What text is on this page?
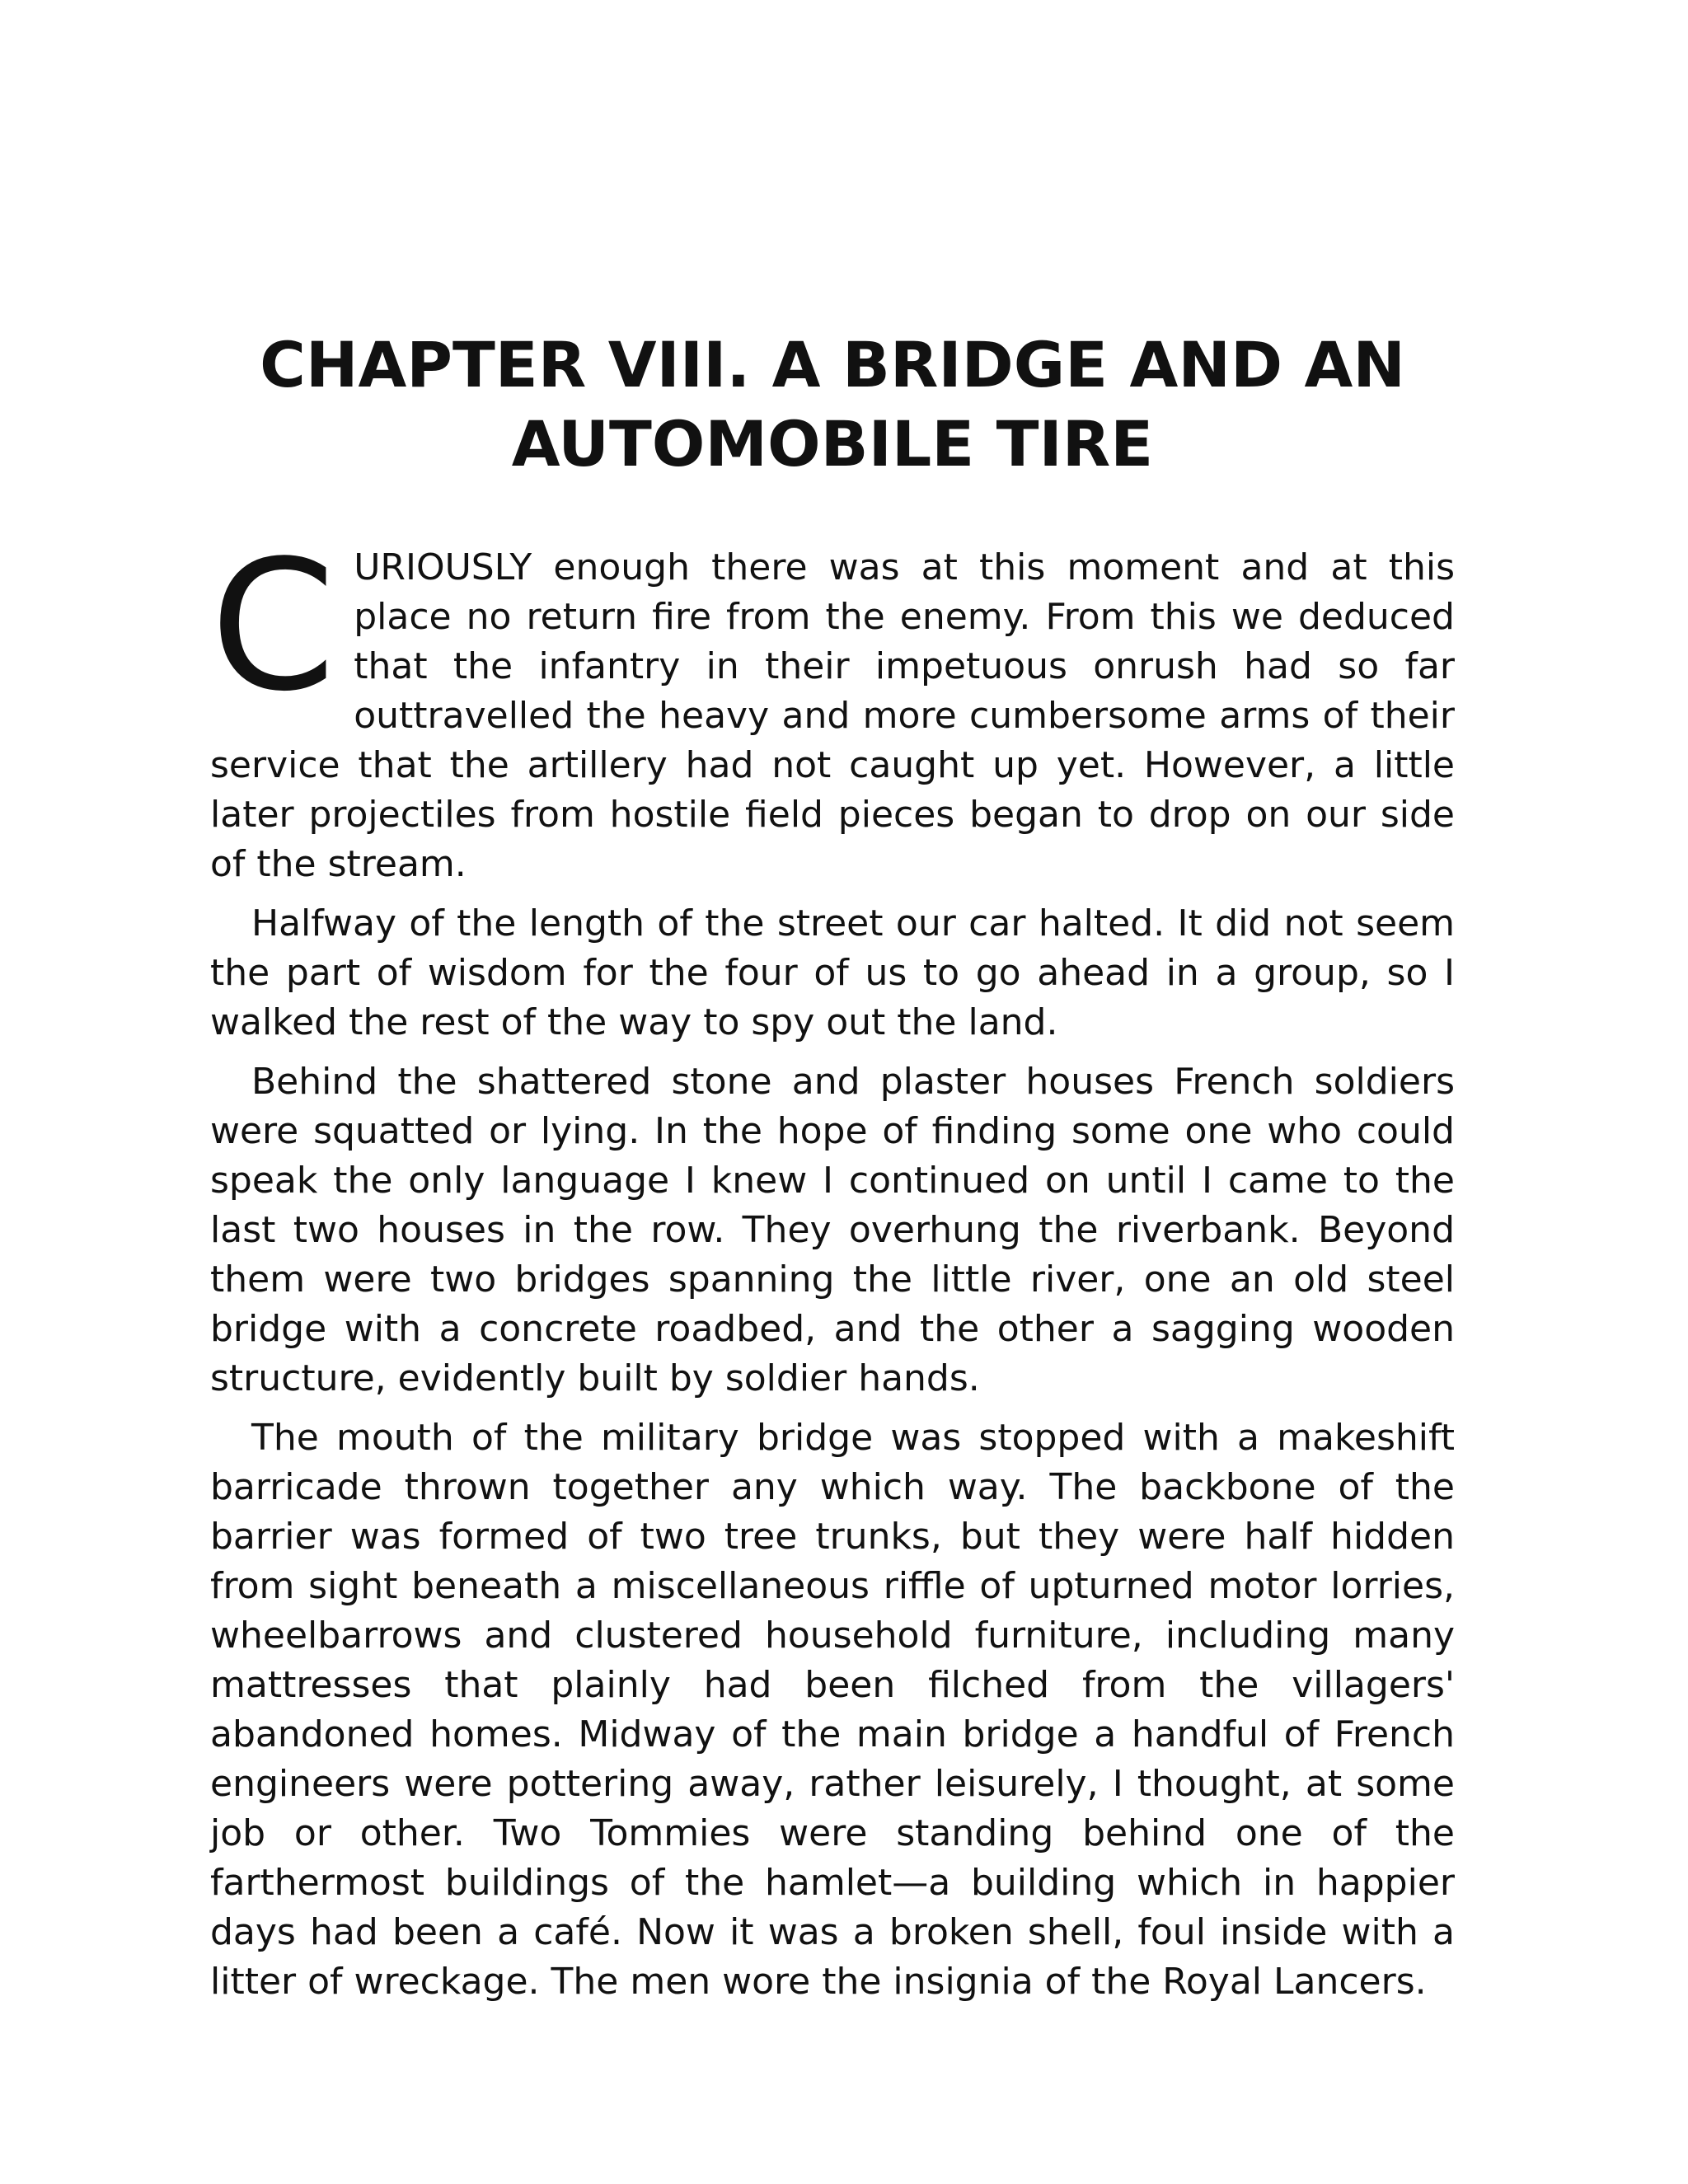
CHAPTER VIII. A BRIDGE AND AN AUTOMOBILE TIRE

CURIOUSLY enough there was at this moment and at this place no return fire from the enemy. From this we deduced that the infantry in their impetuous onrush had so far outtravelled the heavy and more cumbersome arms of their service that the artillery had not caught up yet. However, a little later projectiles from hostile field pieces began to drop on our side of the stream.

Halfway of the length of the street our car halted. It did not seem the part of wisdom for the four of us to go ahead in a group, so I walked the rest of the way to spy out the land.

Behind the shattered stone and plaster houses French soldiers were squatted or lying. In the hope of finding some one who could speak the only language I knew I continued on until I came to the last two houses in the row. They overhung the riverbank. Beyond them were two bridges spanning the little river, one an old steel bridge with a concrete roadbed, and the other a sagging wooden structure, evidently built by soldier hands.

The mouth of the military bridge was stopped with a makeshift barricade thrown together any which way. The backbone of the barrier was formed of two tree trunks, but they were half hidden from sight beneath a miscellaneous riffle of upturned motor lorries, wheelbarrows and clustered household furniture, including many mattresses that plainly had been filched from the villagers' abandoned homes. Midway of the main bridge a handful of French engineers were pottering away, rather leisurely, I thought, at some job or other. Two Tommies were standing behind one of the farthermost buildings of the hamlet—a building which in happier days had been a café. Now it was a broken shell, foul inside with a litter of wreckage. The men wore the insignia of the Royal Lancers.
